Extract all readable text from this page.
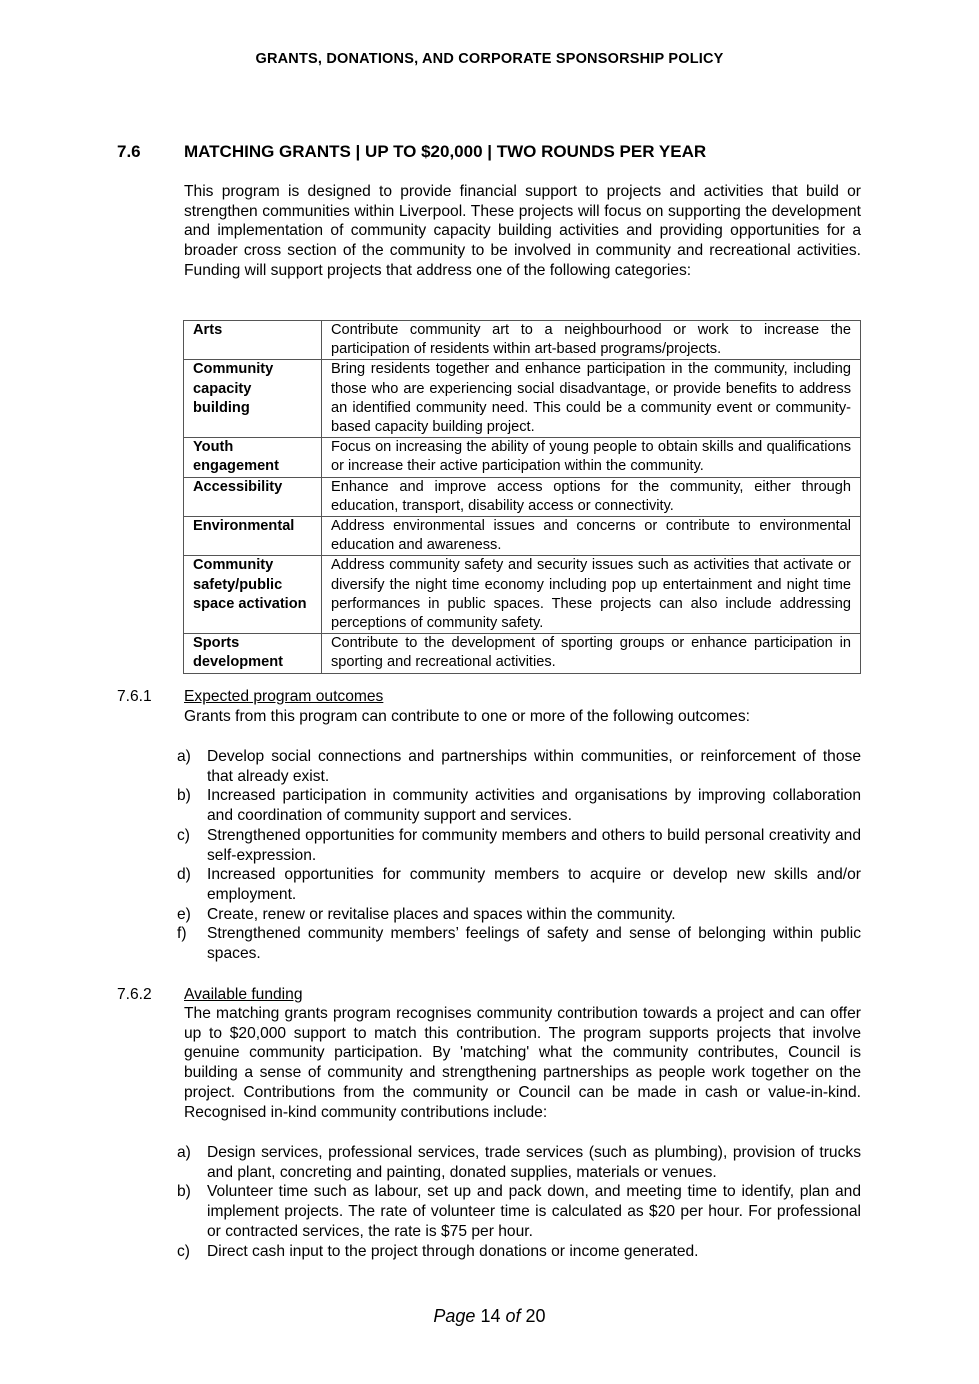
GRANTS, DONATIONS, AND CORPORATE SPONSORSHIP POLICY
7.6	MATCHING GRANTS | UP TO $20,000 | TWO ROUNDS PER YEAR
This program is designed to provide financial support to projects and activities that build or strengthen communities within Liverpool. These projects will focus on supporting the development and implementation of community capacity building activities and providing opportunities for a broader cross section of the community to be involved in community and recreational activities. Funding will support projects that address one of the following categories:
Arts	Contribute community art to a neighbourhood or work to increase the participation of residents within art-based programs/projects.
Community capacity building	Bring residents together and enhance participation in the community, including those who are experiencing social disadvantage, or provide benefits to address an identified community need. This could be a community event or community-based capacity building project.
Youth engagement	Focus on increasing the ability of young people to obtain skills and qualifications or increase their active participation within the community.
Accessibility	Enhance and improve access options for the community, either through education, transport, disability access or connectivity.
Environmental	Address environmental issues and concerns or contribute to environmental education and awareness.
Community safety/public space activation	Address community safety and security issues such as activities that activate or diversify the night time economy including pop up entertainment and night time performances in public spaces. These projects can also include addressing perceptions of community safety.
Sports development	Contribute to the development of sporting groups or enhance participation in sporting and recreational activities.
7.6.1 Expected program outcomes
Grants from this program can contribute to one or more of the following outcomes:
a) Develop social connections and partnerships within communities, or reinforcement of those that already exist.
b) Increased participation in community activities and organisations by improving collaboration and coordination of community support and services.
c) Strengthened opportunities for community members and others to build personal creativity and self-expression.
d) Increased opportunities for community members to acquire or develop new skills and/or employment.
e) Create, renew or revitalise places and spaces within the community.
f) Strengthened community members’ feelings of safety and sense of belonging within public spaces.
7.6.2 Available funding
The matching grants program recognises community contribution towards a project and can offer up to $20,000 support to match this contribution. The program supports projects that involve genuine community participation. By 'matching' what the community contributes, Council is building a sense of community and strengthening partnerships as people work together on the project. Contributions from the community or Council can be made in cash or value-in-kind. Recognised in-kind community contributions include:
a) Design services, professional services, trade services (such as plumbing), provision of trucks and plant, concreting and painting, donated supplies, materials or venues.
b) Volunteer time such as labour, set up and pack down, and meeting time to identify, plan and implement projects. The rate of volunteer time is calculated as $20 per hour. For professional or contracted services, the rate is $75 per hour.
c) Direct cash input to the project through donations or income generated.
Page 14 of 20
